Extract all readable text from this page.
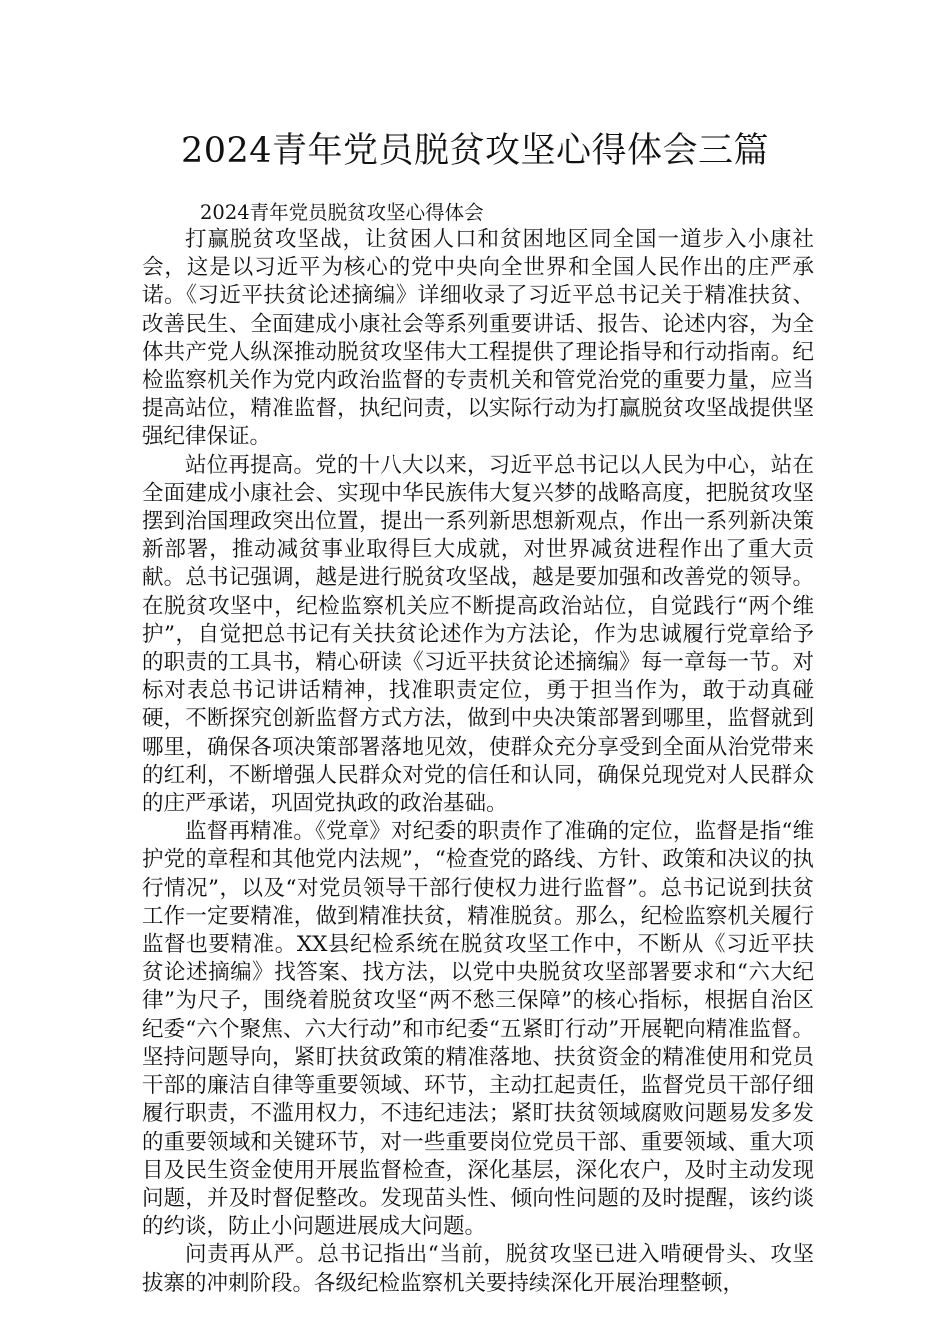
2024青年党员脱贫攻坚心得体会三篇

2024青年党员脱贫攻坚心得体会

打赢脱贫攻坚战，让贫困人口和贫困地区同全国一道步入小康社会，这是以习近平为核心的党中央向全世界和全国人民作出的庄严承诺。《习近平扶贫论述摘编》详细收录了习近平总书记关于精准扶贫、改善民生、全面建成小康社会等系列重要讲话、报告、论述内容，为全体共产党人纵深推动脱贫攻坚伟大工程提供了理论指导和行动指南。纪检监察机关作为党内政治监督的专责机关和管党治党的重要力量，应当提高站位，精准监督，执纪问责，以实际行动为打赢脱贫攻坚战提供坚强纪律保证。

站位再提高。党的十八大以来，习近平总书记以人民为中心，站在全面建成小康社会、实现中华民族伟大复兴梦的战略高度，把脱贫攻坚摆到治国理政突出位置，提出一系列新思想新观点，作出一系列新决策新部署，推动减贫事业取得巨大成就，对世界减贫进程作出了重大贡献。总书记强调，越是进行脱贫攻坚战，越是要加强和改善党的领导。在脱贫攻坚中，纪检监察机关应不断提高政治站位，自觉践行“两个维护”，自觉把总书记有关扶贫论述作为方法论，作为忠诚履行党章给予的职责的工具书，精心研读《习近平扶贫论述摘编》每一章每一节。对标对表总书记讲话精神，找准职责定位，勇于担当作为，敢于动真碰硬，不断探究创新监督方式方法，做到中央决策部署到哪里，监督就到哪里，确保各项决策部署落地见效，使群众充分享受到全面从治党带来的红利，不断增强人民群众对党的信任和认同，确保兑现党对人民群众的庄严承诺，巩固党执政的政治基础。

监督再精准。《党章》对纪委的职责作了准确的定位，监督是指“维护党的章程和其他党内法规”，“检查党的路线、方针、政策和决议的执行情况”，以及“对党员领导干部行使权力进行监督”。总书记说到扶贫工作一定要精准，做到精准扶贫，精准脱贫。那么，纪检监察机关履行监督也要精准。XX县纪检系统在脱贫攻坚工作中，不断从《习近平扶贫论述摘编》找答案、找方法，以党中央脱贫攻坚部署要求和“六大纪律”为尺子，围绕着脱贫攻坚“两不愁三保障”的核心指标，根据自治区纪委“六个聚焦、六大行动”和市纪委“五紧盯行动”开展靶向精准监督。坚持问题导向，紧盯扶贫政策的精准落地、扶贫资金的精准使用和党员干部的廉洁自律等重要领域、环节，主动扛起责任，监督党员干部仔细履行职责，不滥用权力，不违纪违法；紧盯扶贫领域腐败问题易发多发的重要领域和关键环节，对一些重要岗位党员干部、重要领域、重大项目及民生资金使用开展监督检查，深化基层，深化农户，及时主动发现问题，并及时督促整改。发现苗头性、倾向性问题的及时提醒，该约谈的约谈，防止小问题进展成大问题。

问责再从严。总书记指出“当前，脱贫攻坚已进入啃硬骨头、攻坚拔寨的冲刺阶段。各级纪检监察机关要持续深化开展治理整顿，
